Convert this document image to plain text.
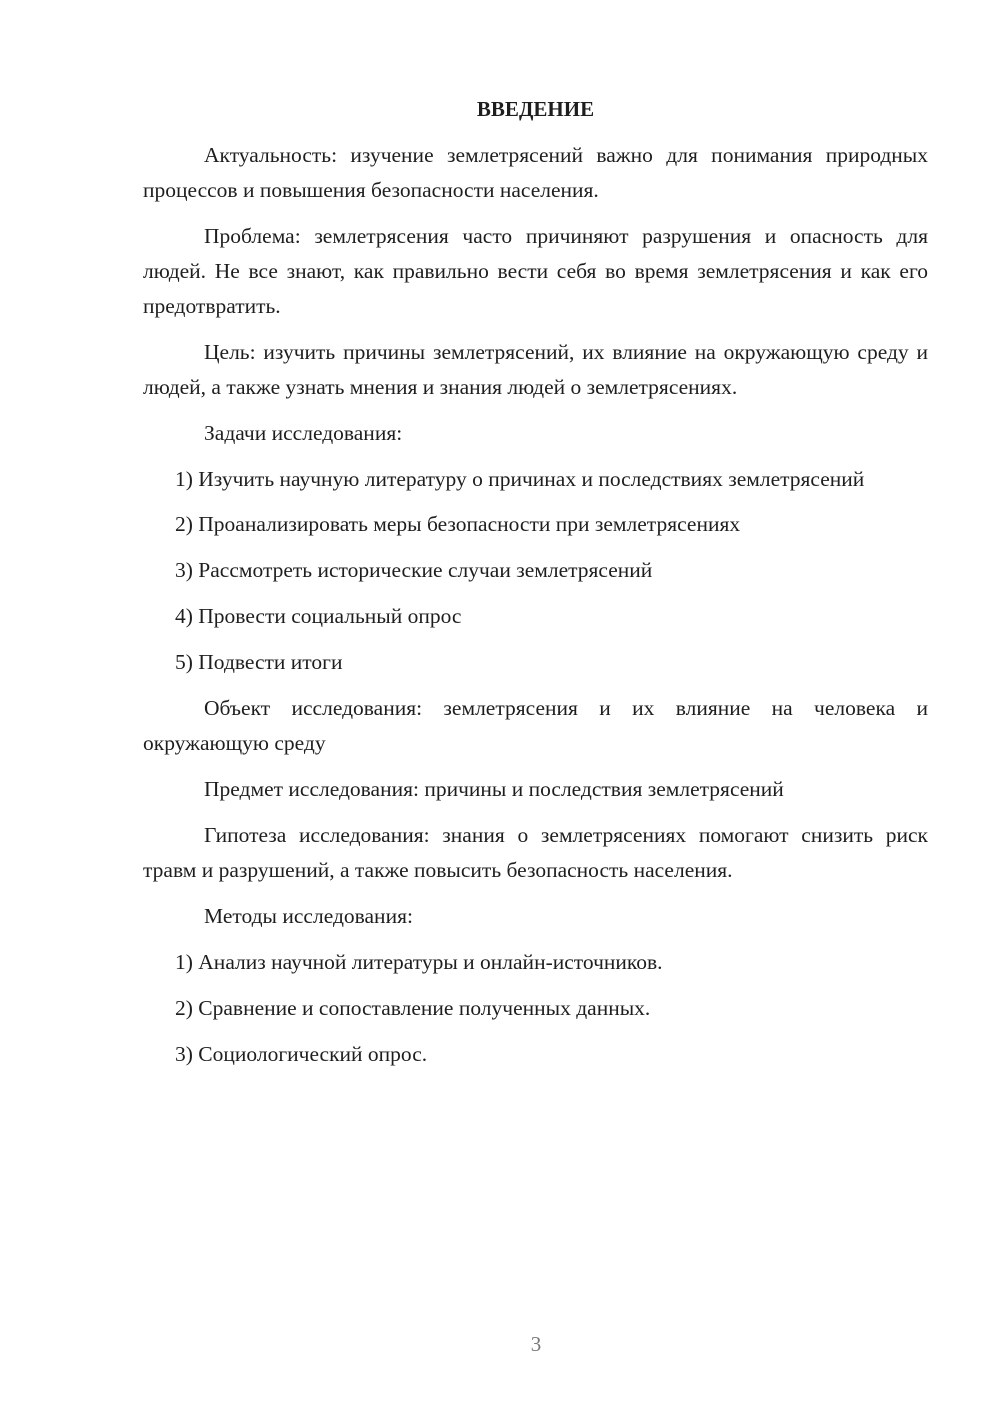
ВВЕДЕНИЕ
Актуальность: изучение землетрясений важно для понимания природных процессов и повышения безопасности населения.
Проблема: землетрясения часто причиняют разрушения и опасность для людей. Не все знают, как правильно вести себя во время землетрясения и как его предотвратить.
Цель: изучить причины землетрясений, их влияние на окружающую среду и людей, а также узнать мнения и знания людей о землетрясениях.
Задачи исследования:
1) Изучить научную литературу о причинах и последствиях землетрясений
2) Проанализировать меры безопасности при землетрясениях
3) Рассмотреть исторические случаи землетрясений
4) Провести социальный опрос
5) Подвести итоги
Объект исследования: землетрясения и их влияние на человека и окружающую среду
Предмет исследования: причины и последствия землетрясений
Гипотеза исследования: знания о землетрясениях помогают снизить риск травм и разрушений, а также повысить безопасность населения.
Методы исследования:
1) Анализ научной литературы и онлайн-источников.
2) Сравнение и сопоставление полученных данных.
3) Социологический опрос.
3
